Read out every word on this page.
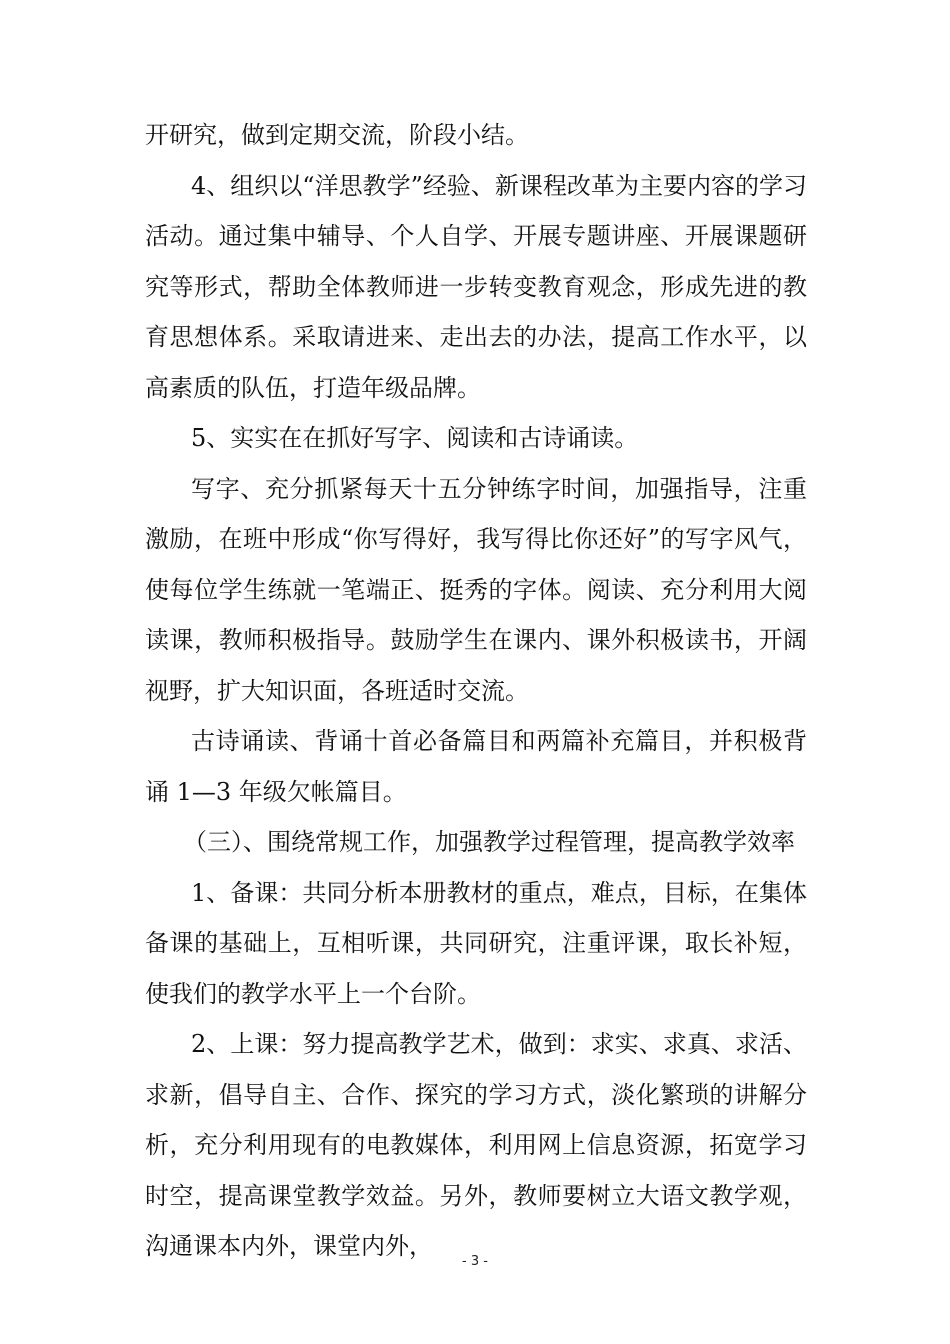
开研究，做到定期交流，阶段小结。

4、组织以“洋思教学”经验、新课程改革为主要内容的学习活动。通过集中辅导、个人自学、开展专题讲座、开展课题研究等形式，帮助全体教师进一步转变教育观念，形成先进的教育思想体系。采取请进来、走出去的办法，提高工作水平，以高素质的队伍，打造年级品牌。

5、实实在在抓好写字、阅读和古诗诵读。

写字、充分抓紧每天十五分钟练字时间，加强指导，注重激励，在班中形成“你写得好，我写得比你还好”的写字风气，使每位学生练就一笔端正、挺秀的字体。阅读、充分利用大阅读课，教师积极指导。鼓励学生在课内、课外积极读书，开阔视野，扩大知识面，各班适时交流。

古诗诵读、背诵十首必备篇目和两篇补充篇目，并积极背诵 1—3 年级欠帐篇目。

（三）、围绕常规工作，加强教学过程管理，提高教学效率

1、备课：共同分析本册教材的重点，难点，目标，在集体备课的基础上，互相听课，共同研究，注重评课，取长补短，使我们的教学水平上一个台阶。

2、上课：努力提高教学艺术，做到：求实、求真、求活、求新，倡导自主、合作、探究的学习方式，淡化繁琐的讲解分析，充分利用现有的电教媒体，利用网上信息资源，拓宽学习时空，提高课堂教学效益。另外，教师要树立大语文教学观，沟通课本内外，课堂内外，

- 3 -
